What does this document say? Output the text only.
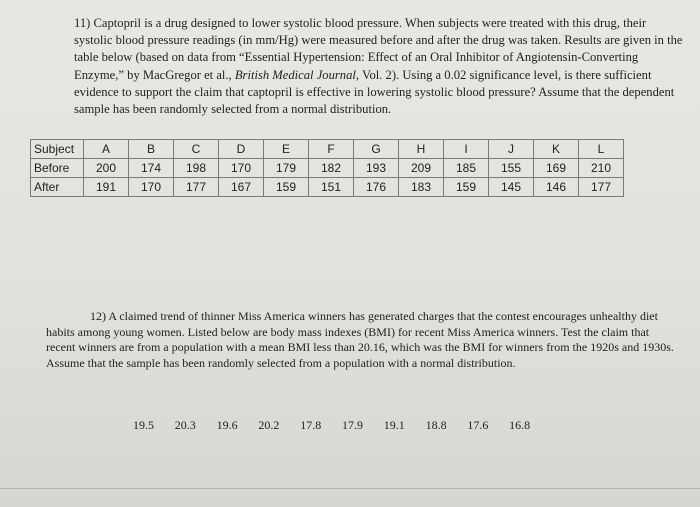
11) Captopril is a drug designed to lower systolic blood pressure. When subjects were treated with this drug, their systolic blood pressure readings (in mm/Hg) were measured before and after the drug was taken. Results are given in the table below (based on data from “Essential Hypertension: Effect of an Oral Inhibitor of Angiotensin-Converting Enzyme,” by MacGregor et al., British Medical Journal, Vol. 2). Using a 0.02 significance level, is there sufficient evidence to support the claim that captopril is effective in lowering systolic blood pressure? Assume that the dependent sample has been randomly selected from a normal distribution.

Subject	A	B	C	D	E	F	G	H	I	J	K	L
Before	200	174	198	170	179	182	193	209	185	155	169	210
After	191	170	177	167	159	151	176	183	159	145	146	177

12) A claimed trend of thinner Miss America winners has generated charges that the contest encourages unhealthy diet habits among young women. Listed below are body mass indexes (BMI) for recent Miss America winners. Test the claim that recent winners are from a population with a mean BMI less than 20.16, which was the BMI for winners from the 1920s and 1930s. Assume that the sample has been randomly selected from a population with a normal distribution.

19.5	20.3	19.6	20.2	17.8	17.9	19.1	18.8	17.6	16.8
